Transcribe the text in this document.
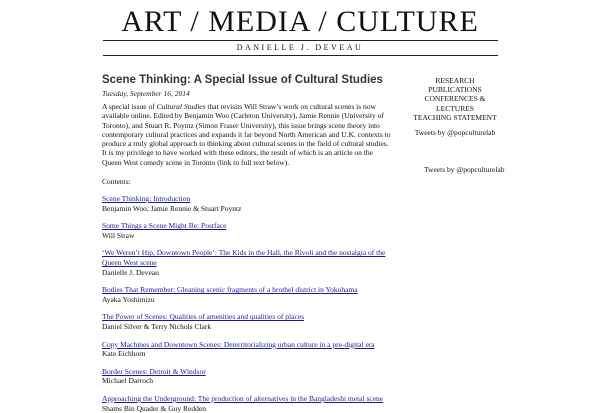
ART / MEDIA / CULTURE
DANIELLE J. DEVEAU
Scene Thinking: A Special Issue of Cultural Studies
Tuesday, September 16, 2014
A special issue of Cultural Studies that revisits Will Straw’s work on cultural scenes is now available online. Edited by Benjamin Woo (Carleton University), Jamie Rennie (University of Toronto), and Stuart R. Poyntz (Simon Fraser University), this issue brings scene theory into contemporary cultural practices and expands it far beyond North American and U.K. contexts to produce a truly global approach to thinking about cultural scenes in the field of cultural studies. It is my privilege to have worked with these editors, the result of which is an article on the Queen West comedy scene in Toronto (link to full text below).
Contents:
Scene Thinking: Introduction
Benjamin Woo, Jamie Rennie & Stuart Poyntz
Some Things a Scene Might Be: Postface
Will Straw
‘We Weren’t Hip, Downtown People’: The Kids in the Hall, the Rivoli and the nostalgia of the Queen West scene
Danielle J. Deveau
Bodies That Remember: Gleaning scenic fragments of a brothel district in Yokohama
Ayaka Yoshimizu
The Power of Scenes: Qualities of amenities and qualities of places
Daniel Silver & Terry Nichols Clark
Copy Machines and Downtown Scenes: Deterritorializing urban culture in a pre-digital era
Kate Eichhorn
Border Scenes: Detroit & Windsor
Michael Darroch
Approaching the Underground: The production of alternatives in the Bangladeshi metal scene
Shams Bin Quader & Guy Redden
RESEARCH
PUBLICATIONS
CONFERENCES &
LECTURES
TEACHING STATEMENT
Tweets by @popculturelab
Tweets by @popculturelab
